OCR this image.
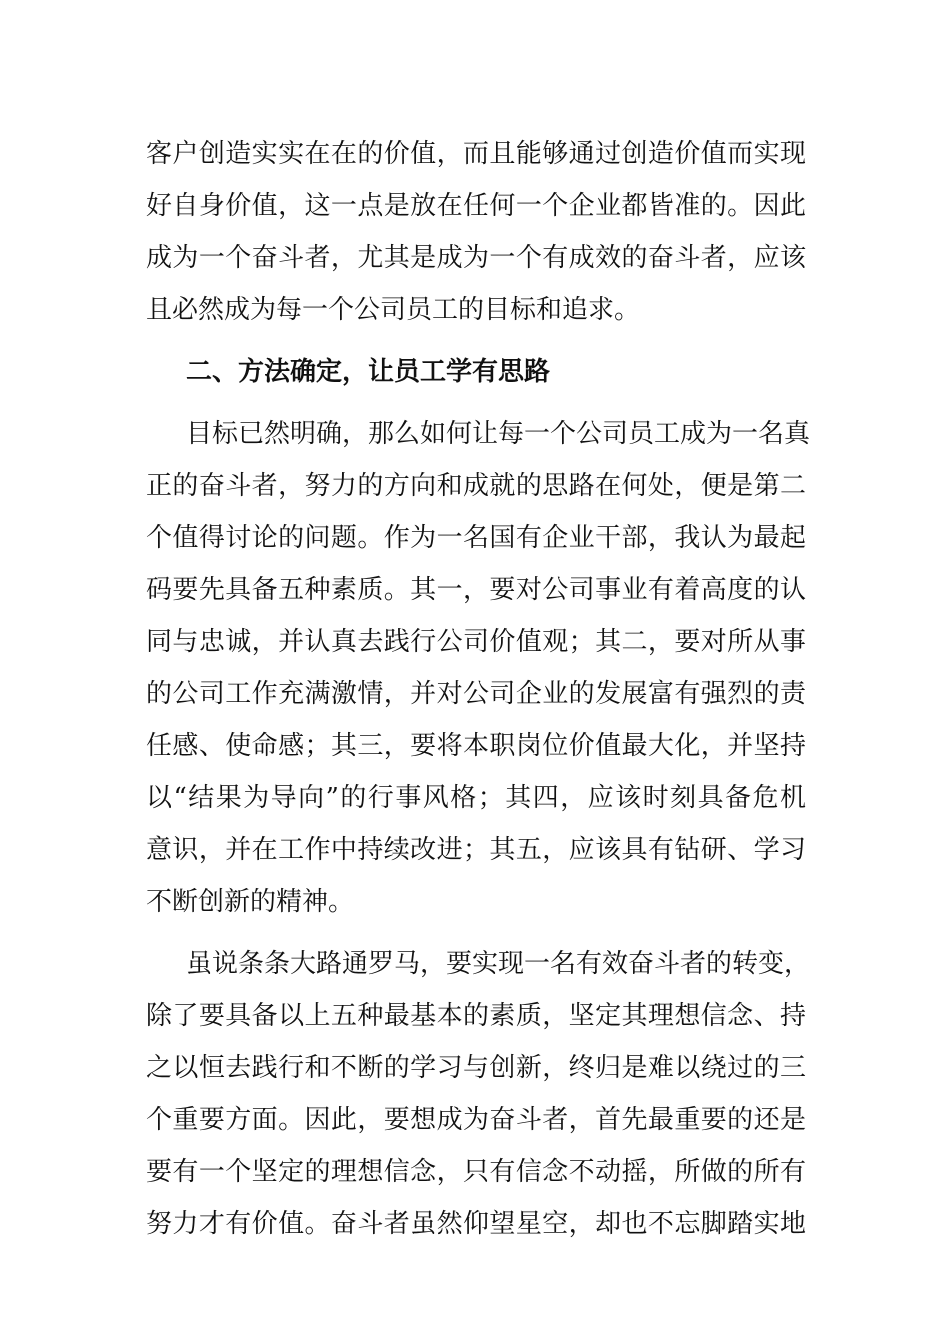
客户创造实实在在的价值，而且能够通过创造价值而实现
好自身价值，这一点是放在任何一个企业都皆准的。因此
成为一个奋斗者，尤其是成为一个有成效的奋斗者，应该
且必然成为每一个公司员工的目标和追求。
二、方法确定，让员工学有思路
目标已然明确，那么如何让每一个公司员工成为一名真
正的奋斗者，努力的方向和成就的思路在何处，便是第二
个值得讨论的问题。作为一名国有企业干部，我认为最起
码要先具备五种素质。其一，要对公司事业有着高度的认
同与忠诚，并认真去践行公司价值观；其二，要对所从事
的公司工作充满激情，并对公司企业的发展富有强烈的责
任感、使命感；其三，要将本职岗位价值最大化，并坚持
以“结果为导向”的行事风格；其四，应该时刻具备危机
意识，并在工作中持续改进；其五，应该具有钻研、学习
不断创新的精神。
虽说条条大路通罗马，要实现一名有效奋斗者的转变，
除了要具备以上五种最基本的素质，坚定其理想信念、持
之以恒去践行和不断的学习与创新，终归是难以绕过的三
个重要方面。因此，要想成为奋斗者，首先最重要的还是
要有一个坚定的理想信念，只有信念不动摇，所做的所有
努力才有价值。奋斗者虽然仰望星空，却也不忘脚踏实地
